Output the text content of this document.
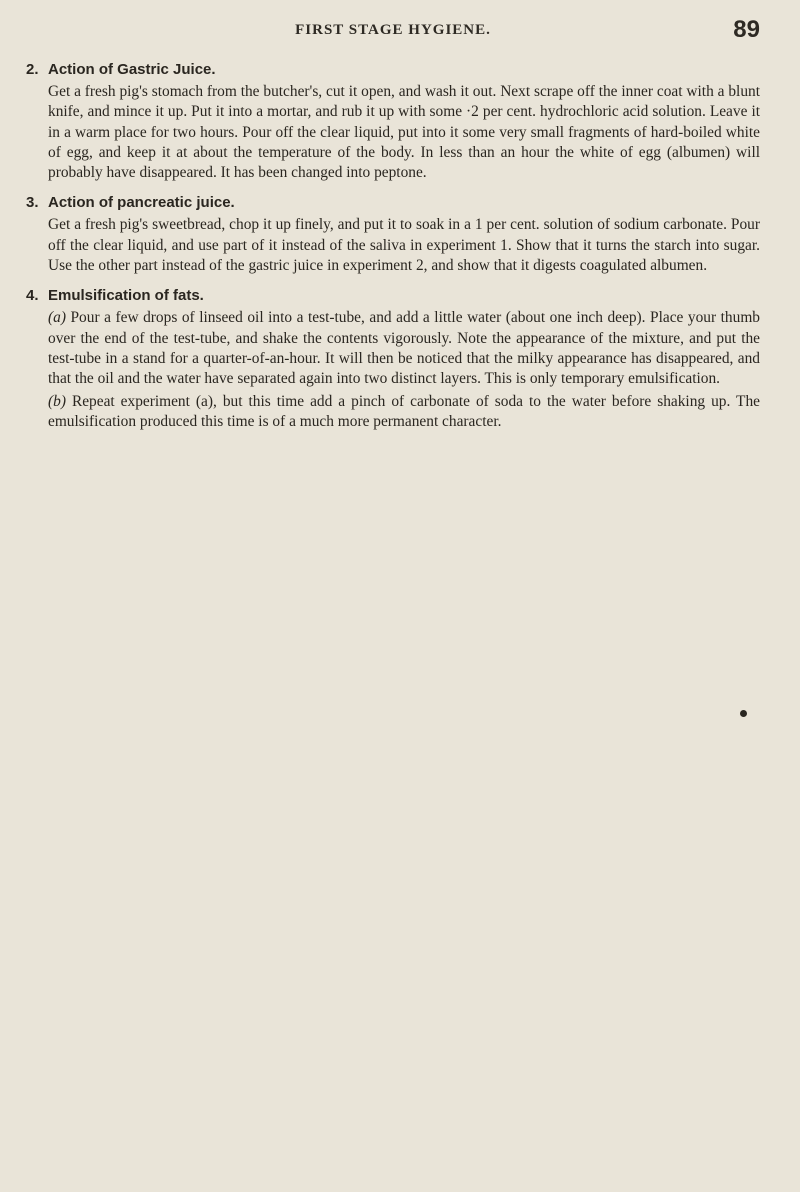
FIRST STAGE HYGIENE.	89
2. Action of Gastric Juice.

Get a fresh pig's stomach from the butcher's, cut it open, and wash it out. Next scrape off the inner coat with a blunt knife, and mince it up. Put it into a mortar, and rub it up with some ·2 per cent. hydrochloric acid solution. Leave it in a warm place for two hours. Pour off the clear liquid, put into it some very small fragments of hard-boiled white of egg, and keep it at about the temperature of the body. In less than an hour the white of egg (albumen) will probably have disappeared. It has been changed into peptone.

3. Action of pancreatic juice.

Get a fresh pig's sweetbread, chop it up finely, and put it to soak in a 1 per cent. solution of sodium carbonate. Pour off the clear liquid, and use part of it instead of the saliva in experiment 1. Show that it turns the starch into sugar. Use the other part instead of the gastric juice in experiment 2, and show that it digests coagulated albumen.

4. Emulsification of fats.

(a) Pour a few drops of linseed oil into a test-tube, and add a little water (about one inch deep). Place your thumb over the end of the test-tube, and shake the contents vigorously. Note the appearance of the mixture, and put the test-tube in a stand for a quarter-of-an-hour. It will then be noticed that the milky appearance has disappeared, and that the oil and the water have separated again into two distinct layers. This is only temporary emulsification.

(b) Repeat experiment (a), but this time add a pinch of carbonate of soda to the water before shaking up. The emulsification produced this time is of a much more permanent character.
